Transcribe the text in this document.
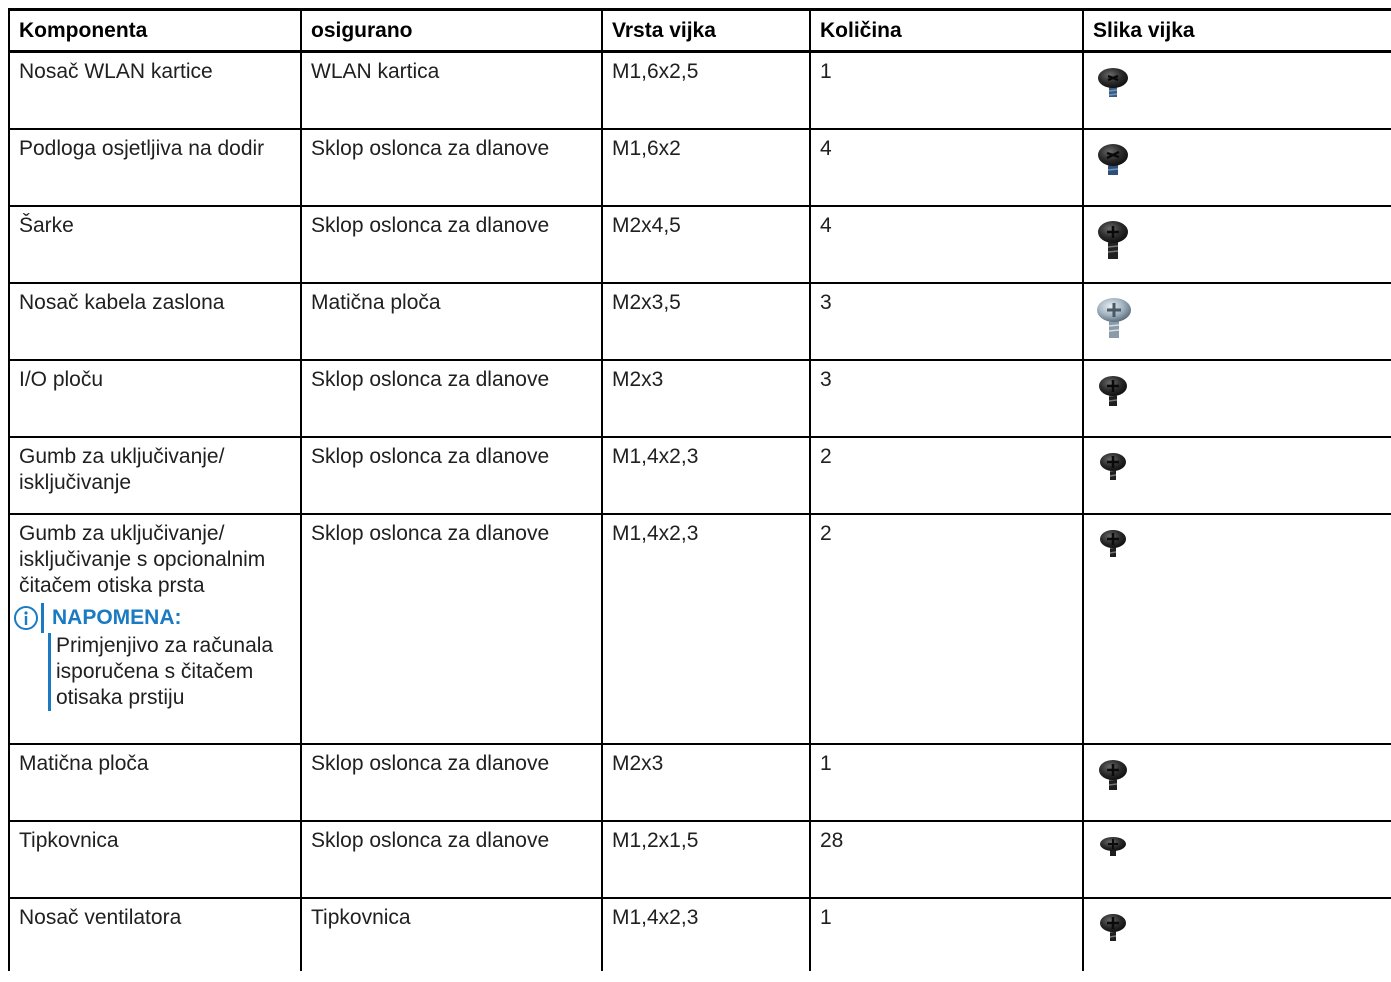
Komponenta	osigurano	Vrsta vijka	Količina	Slika vijka
Nosač WLAN kartice	WLAN kartica	M1,6x2,5	1	

Podloga osjetljiva na dodir	Sklop oslonca za dlanove	M1,6x2	4	

Šarke	Sklop oslonca za dlanove	M2x4,5	4	

Nosač kabela zaslona	Matična ploča	M2x3,5	3	

I/O ploču	Sklop oslonca za dlanove	M2x3	3	

Gumb za uključivanje/ isključivanje	Sklop oslonca za dlanove	M1,4x2,3	2	

Gumb za uključivanje/ isključivanje s opcionalnim čitačem otiska prsta
NAPOMENA:
Primjenjivo za računala isporučena s čitačem otisaka prstiju	Sklop oslonca za dlanove	M1,4x2,3	2	

Matična ploča	Sklop oslonca za dlanove	M2x3	1	

Tipkovnica	Sklop oslonca za dlanove	M1,2x1,5	28	

Nosač ventilatora	Tipkovnica	M1,4x2,3	1	
